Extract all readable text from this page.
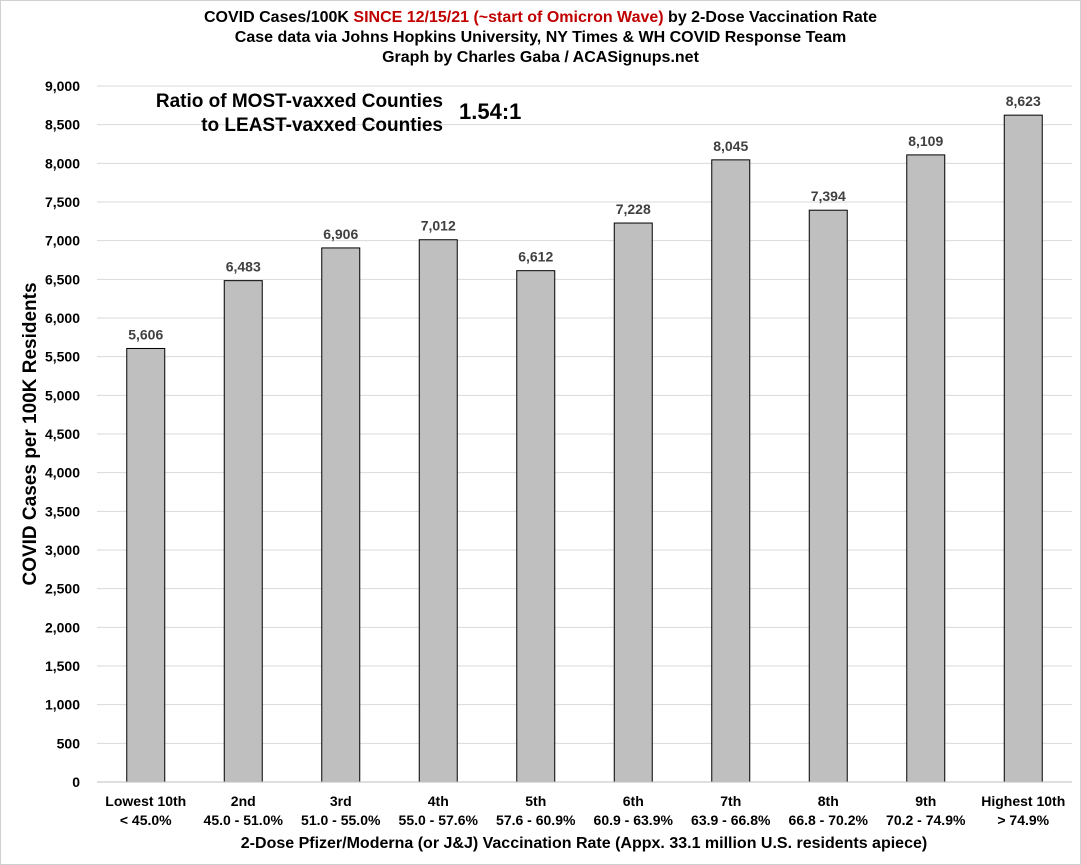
COVID Cases/100K SINCE 12/15/21 (~start of Omicron Wave) by 2-Dose Vaccination Rate
Case data via Johns Hopkins University, NY Times & WH COVID Response Team
Graph by Charles Gaba / ACASignups.net
0
500
1,000
1,500
2,000
2,500
3,000
3,500
4,000
4,500
5,000
5,500
6,000
6,500
7,000
7,500
8,000
8,500
9,000
5,606
6,483
6,906
7,012
6,612
7,228
8,045
7,394
8,109
8,623
Lowest 10th
< 45.0%
2nd
45.0 - 51.0%
3rd
51.0 - 55.0%
4th
55.0 - 57.6%
5th
57.6 - 60.9%
6th
60.9 - 63.9%
7th
63.9 - 66.8%
8th
66.8 - 70.2%
9th
70.2 - 74.9%
Highest 10th
> 74.9%
COVID Cases per 100K Residents
2-Dose Pfizer/Moderna (or J&J) Vaccination Rate (Appx. 33.1 million U.S. residents apiece)
Ratio of MOST-vaxxed Counties
to LEAST-vaxxed Counties
1.54:1
